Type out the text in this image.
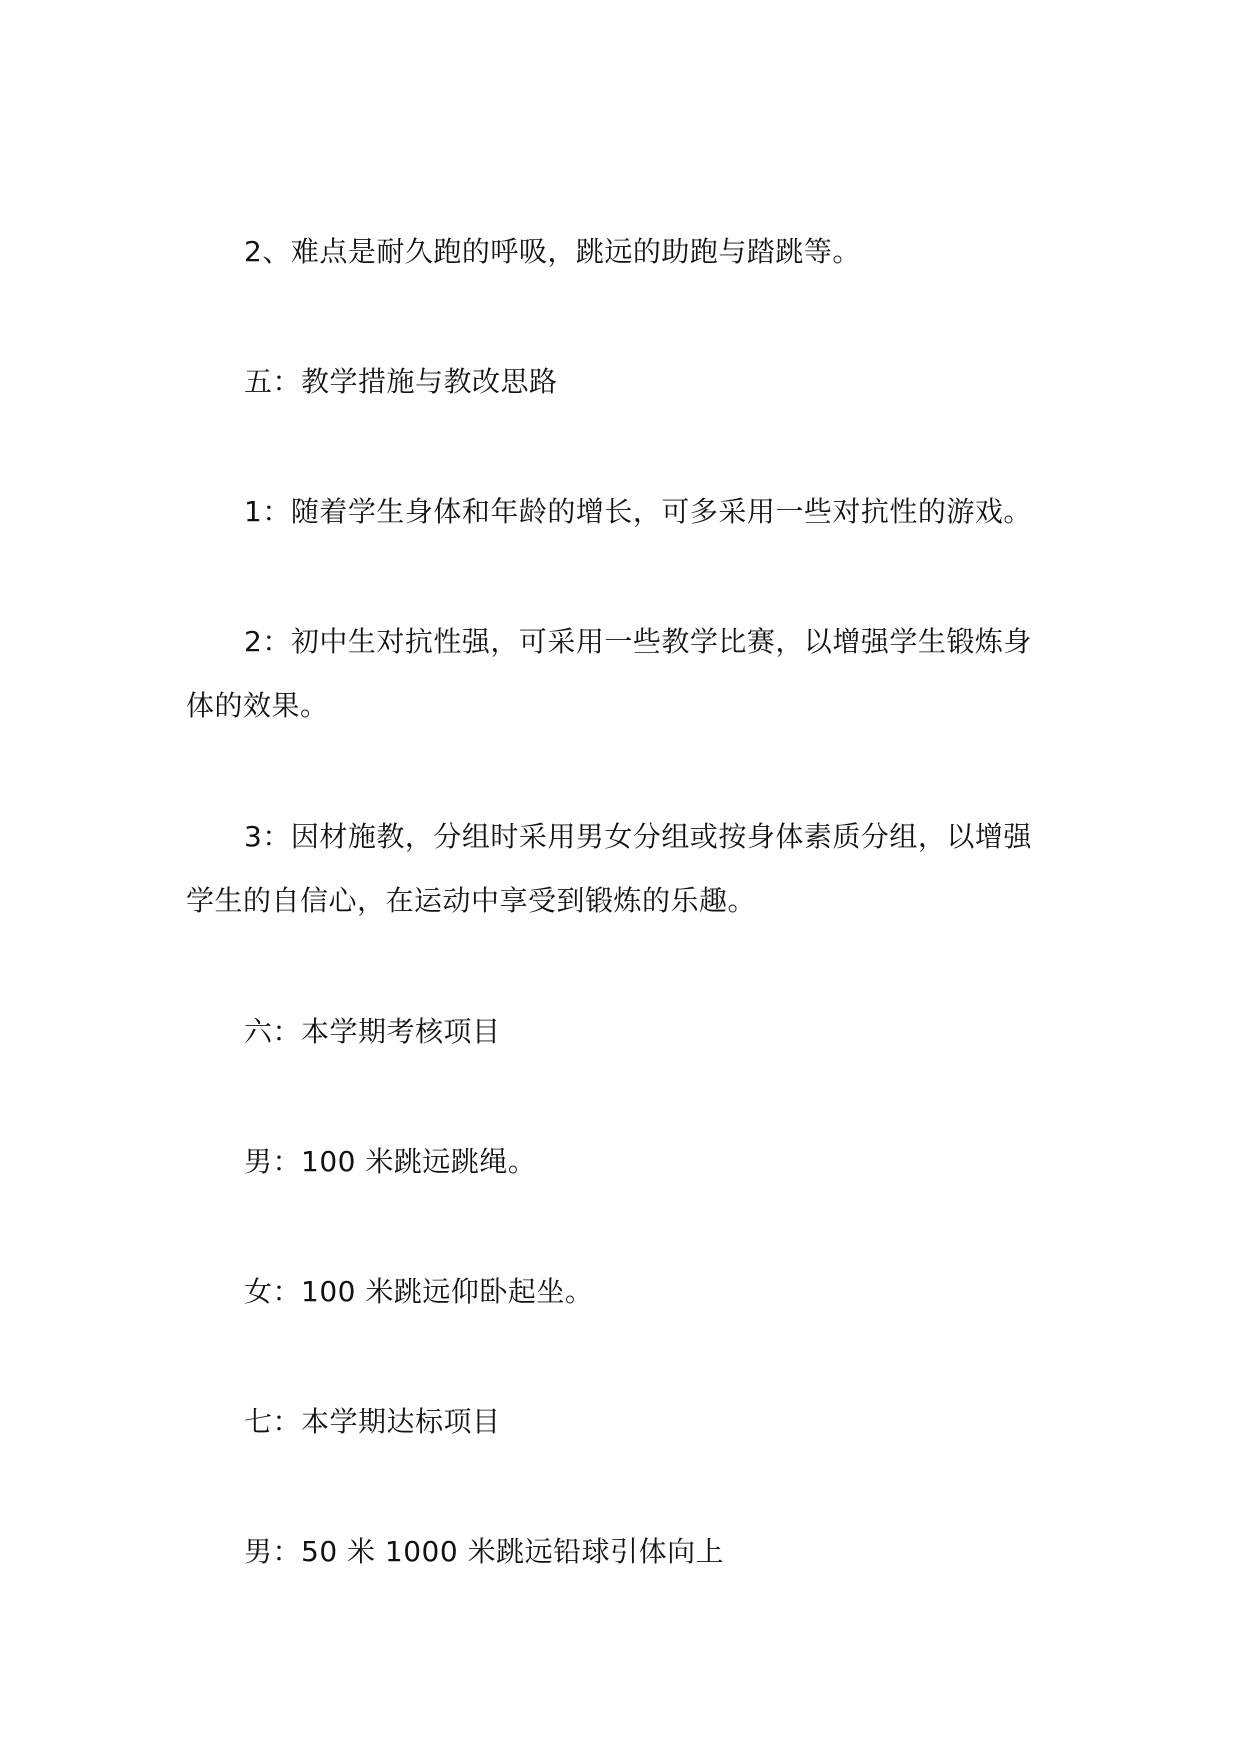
2、难点是耐久跑的呼吸，跳远的助跑与踏跳等。

五：教学措施与教改思路

1：随着学生身体和年龄的增长，可多采用一些对抗性的游戏。

2：初中生对抗性强，可采用一些教学比赛，以增强学生锻炼身体的效果。

3：因材施教，分组时采用男女分组或按身体素质分组，以增强学生的自信心，在运动中享受到锻炼的乐趣。

六：本学期考核项目

男：100 米跳远跳绳。

女：100 米跳远仰卧起坐。

七：本学期达标项目

男：50 米 1000 米跳远铅球引体向上
